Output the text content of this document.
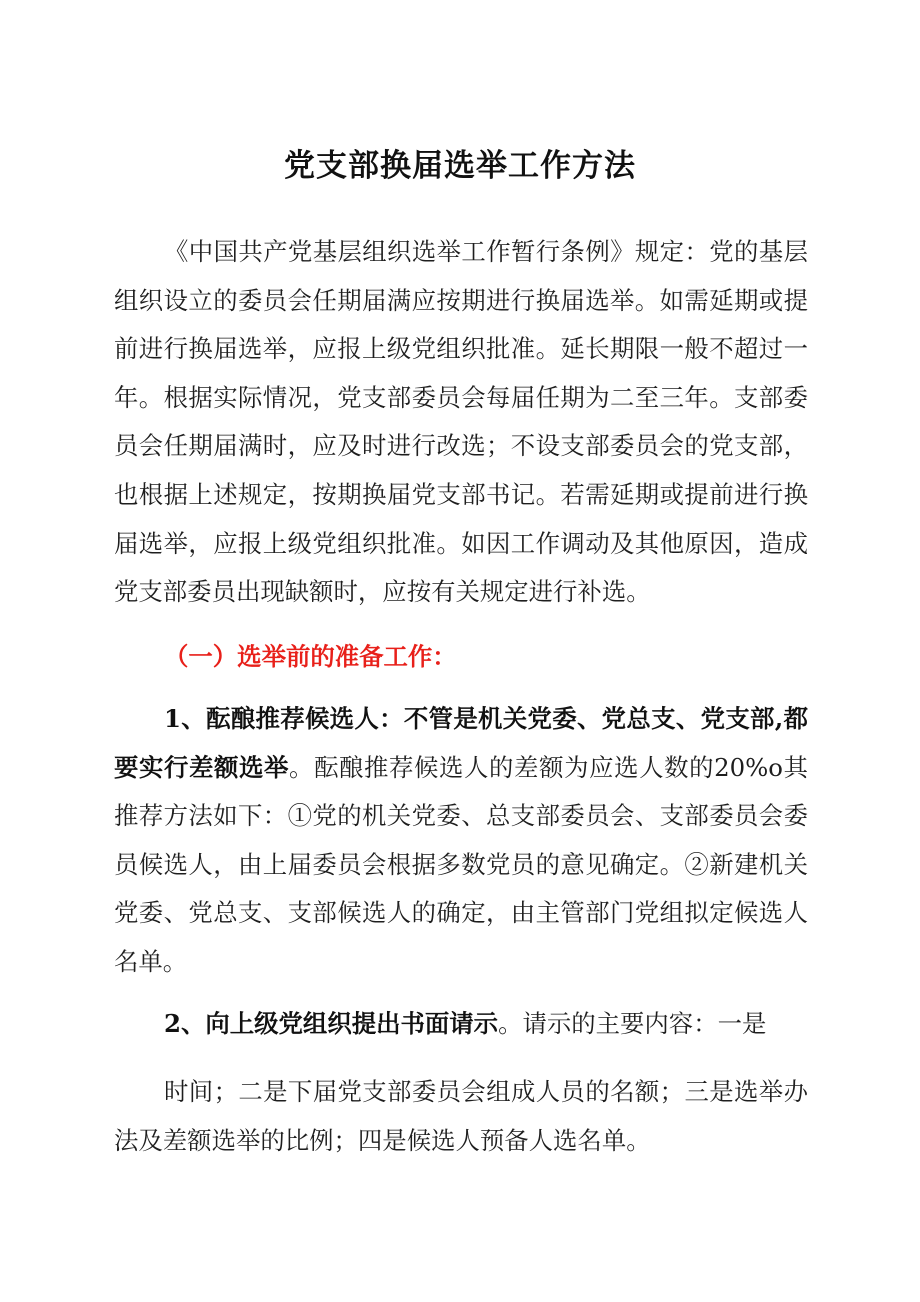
党支部换届选举工作方法

《中国共产党基层组织选举工作暂行条例》规定：党的基层组织设立的委员会任期届满应按期进行换届选举。如需延期或提前进行换届选举，应报上级党组织批准。延长期限一般不超过一年。根据实际情况，党支部委员会每届任期为二至三年。支部委员会任期届满时，应及时进行改选；不设支部委员会的党支部，也根据上述规定，按期换届党支部书记。若需延期或提前进行换届选举，应报上级党组织批准。如因工作调动及其他原因，造成党支部委员出现缺额时，应按有关规定进行补选。

（一）选举前的准备工作：

1、酝酿推荐候选人：不管是机关党委、党总支、党支部,都要实行差额选举。酝酿推荐候选人的差额为应选人数的20%o其推荐方法如下：①党的机关党委、总支部委员会、支部委员会委员候选人，由上届委员会根据多数党员的意见确定。②新建机关党委、党总支、支部候选人的确定，由主管部门党组拟定候选人名单。

2、向上级党组织提出书面请示。请示的主要内容：一是

时间；二是下届党支部委员会组成人员的名额；三是选举办法及差额选举的比例；四是候选人预备人选名单。
